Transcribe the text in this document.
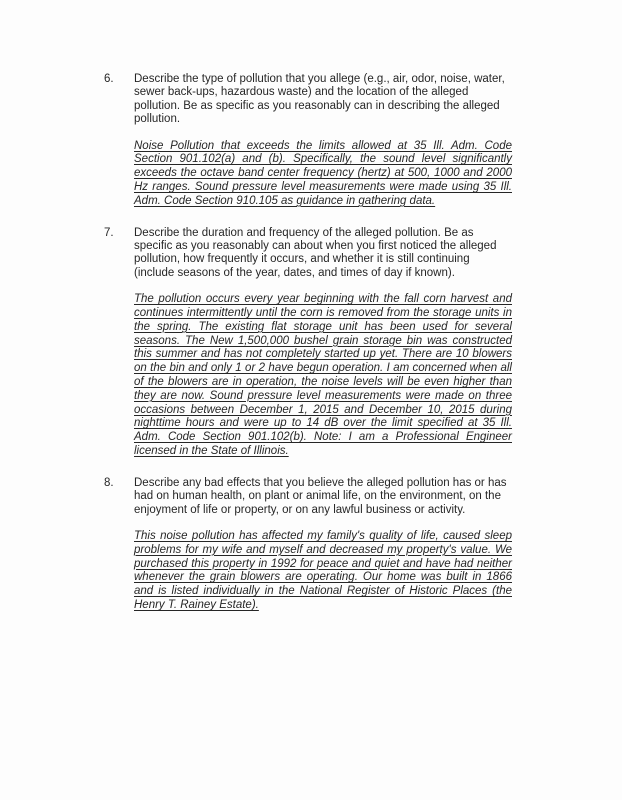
6.	Describe the type of pollution that you allege (e.g., air, odor, noise, water, sewer back-ups, hazardous waste) and the location of the alleged pollution. Be as specific as you reasonably can in describing the alleged pollution.

Noise Pollution that exceeds the limits allowed at 35 Ill. Adm. Code Section 901.102(a) and (b). Specifically, the sound level significantly exceeds the octave band center frequency (hertz) at 500, 1000 and 2000 Hz ranges. Sound pressure level measurements were made using 35 Ill. Adm. Code Section 910.105 as guidance in gathering data.

7.	Describe the duration and frequency of the alleged pollution. Be as specific as you reasonably can about when you first noticed the alleged pollution, how frequently it occurs, and whether it is still continuing (include seasons of the year, dates, and times of day if known).

The pollution occurs every year beginning with the fall corn harvest and continues intermittently until the corn is removed from the storage units in the spring. The existing flat storage unit has been used for several seasons. The New 1,500,000 bushel grain storage bin was constructed this summer and has not completely started up yet. There are 10 blowers on the bin and only 1 or 2 have begun operation. I am concerned when all of the blowers are in operation, the noise levels will be even higher than they are now. Sound pressure level measurements were made on three occasions between December 1, 2015 and December 10, 2015 during nighttime hours and were up to 14 dB over the limit specified at 35 Ill. Adm. Code Section 901.102(b). Note: I am a Professional Engineer licensed in the State of Illinois.

8.	Describe any bad effects that you believe the alleged pollution has or has had on human health, on plant or animal life, on the environment, on the enjoyment of life or property, or on any lawful business or activity.

This noise pollution has affected my family's quality of life, caused sleep problems for my wife and myself and decreased my property's value. We purchased this property in 1992 for peace and quiet and have had neither whenever the grain blowers are operating. Our home was built in 1866 and is listed individually in the National Register of Historic Places (the Henry T. Rainey Estate).
